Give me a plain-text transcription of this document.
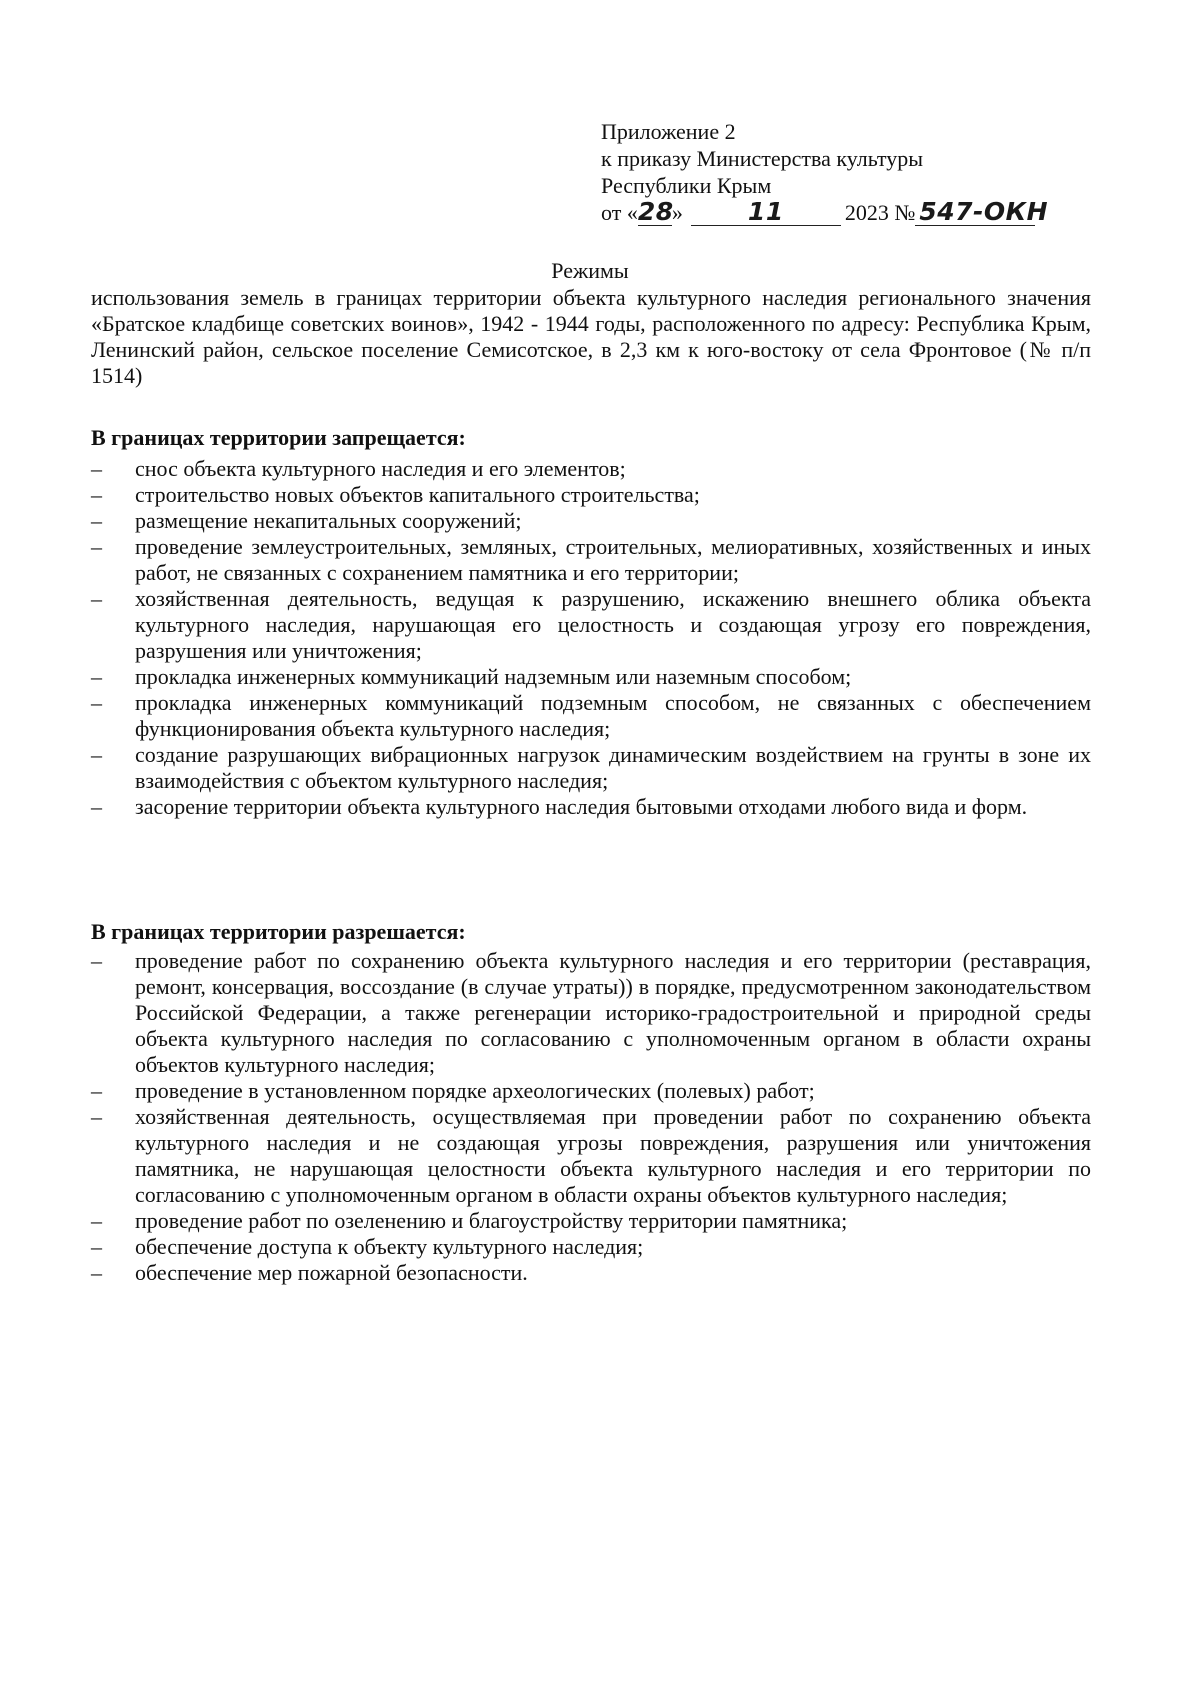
Приложение 2
к приказу Министерства культуры
Республики Крым
от «28»	11	2023 № 547-ОКН
Режимы
использования земель в границах территории объекта культурного наследия регионального значения «Братское кладбище советских воинов», 1942 - 1944 годы, расположенного по адресу: Республика Крым, Ленинский район, сельское поселение Семисотское, в 2,3 км к юго-востоку от села Фронтовое (№ п/п 1514)
В границах территории запрещается:
– снос объекта культурного наследия и его элементов;
– строительство новых объектов капитального строительства;
– размещение некапитальных сооружений;
– проведение землеустроительных, земляных, строительных, мелиоративных, хозяйственных и иных работ, не связанных с сохранением памятника и его территории;
– хозяйственная деятельность, ведущая к разрушению, искажению внешнего облика объекта культурного наследия, нарушающая его целостность и создающая угрозу его повреждения, разрушения или уничтожения;
– прокладка инженерных коммуникаций надземным или наземным способом;
– прокладка инженерных коммуникаций подземным способом, не связанных с обеспечением функционирования объекта культурного наследия;
– создание разрушающих вибрационных нагрузок динамическим воздействием на грунты в зоне их взаимодействия с объектом культурного наследия;
– засорение территории объекта культурного наследия бытовыми отходами любого вида и форм.
В границах территории разрешается:
– проведение работ по сохранению объекта культурного наследия и его территории (реставрация, ремонт, консервация, воссоздание (в случае утраты)) в порядке, предусмотренном законодательством Российской Федерации, а также регенерации историко-градостроительной и природной среды объекта культурного наследия по согласованию с уполномоченным органом в области охраны объектов культурного наследия;
– проведение в установленном порядке археологических (полевых) работ;
– хозяйственная деятельность, осуществляемая при проведении работ по сохранению объекта культурного наследия и не создающая угрозы повреждения, разрушения или уничтожения памятника, не нарушающая целостности объекта культурного наследия и его территории по согласованию с уполномоченным органом в области охраны объектов культурного наследия;
– проведение работ по озеленению и благоустройству территории памятника;
– обеспечение доступа к объекту культурного наследия;
– обеспечение мер пожарной безопасности.
